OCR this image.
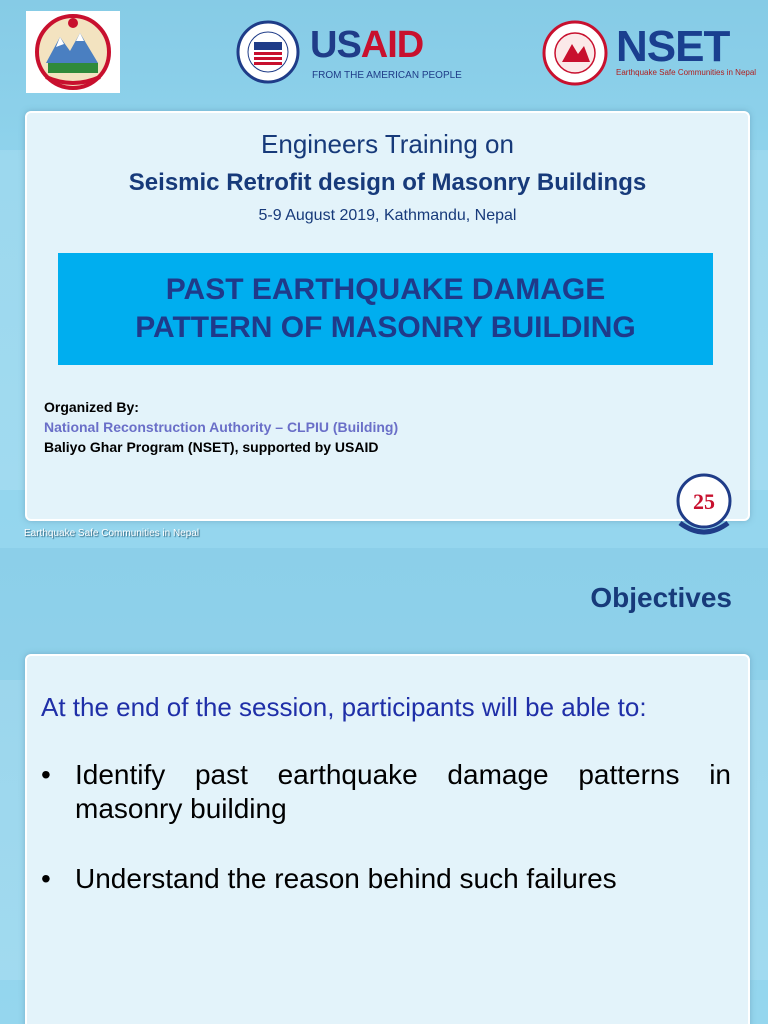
USAID
FROM THE AMERICAN PEOPLE
NSET
Earthquake Safe Communities in Nepal
Engineers Training on
Seismic Retrofit design of Masonry Buildings
5-9 August 2019, Kathmandu, Nepal
PAST EARTHQUAKE DAMAGE
PATTERN OF MASONRY BUILDING
Organized By:
National Reconstruction Authority – CLPIU (Building)
Baliyo Ghar Program (NSET), supported by USAID
25
Earthquake Safe Communities in Nepal
Objectives
At the end of the session, participants will be able to:
• Identify past earthquake damage patterns in masonry building
• Understand the reason behind such failures
